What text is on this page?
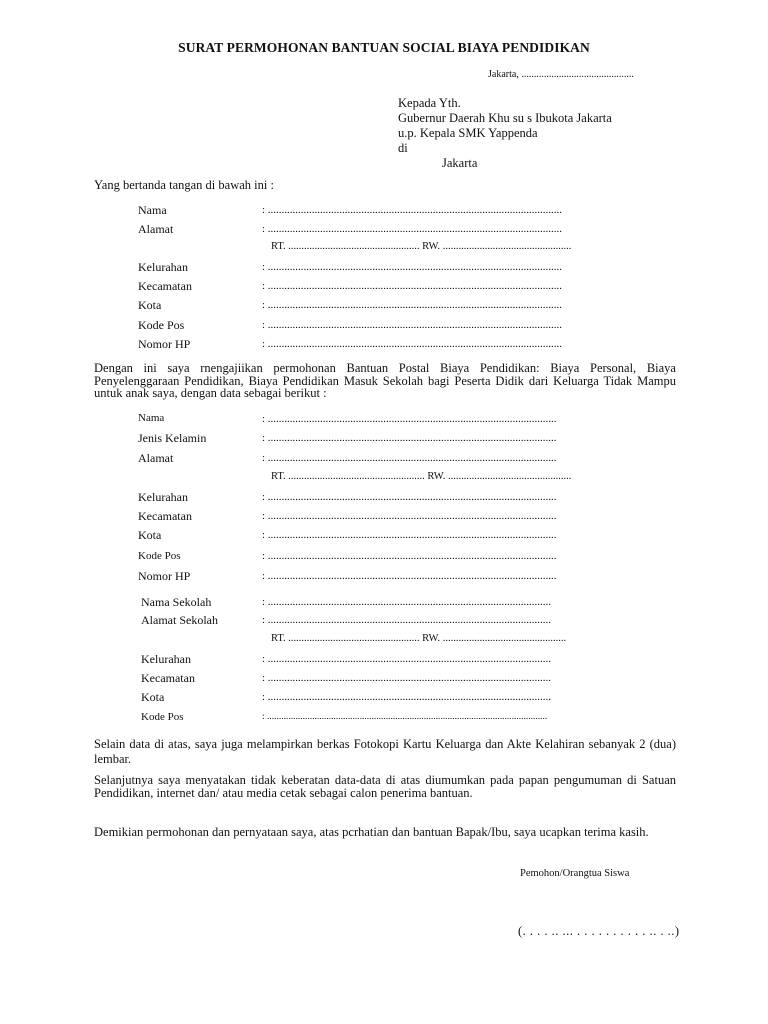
SURAT PERMOHONAN BANTUAN SOCIAL BIAYA PENDIDIKAN
Jakarta, .............................................
Kepada Yth.
Gubernur Daerah Khu su s Ibukota Jakarta
u.p. Kepala SMK Yappenda
di
Jakarta
Yang bertanda tangan di bawah ini :
Nama	: ...........................................................................................................
Alamat	: ...........................................................................................................
RT. .................................................. RW. .................................................
Kelurahan	: ...........................................................................................................
Kecamatan	: ...........................................................................................................
Kota	: ...........................................................................................................
Kode Pos	: ...........................................................................................................
Nomor HP	: ...........................................................................................................
Dengan ini saya rnengajiikan permohonan Bantuan Postal Biaya Pendidikan: Biaya Personal, Biaya Penyelenggaraan Pendidikan, Biaya Pendidikan Masuk Sekolah bagi Peserta Didik dari Keluarga Tidak Mampu untuk anak saya, dengan data sebagai berikut :
Nama	: .........................................................................................................
Jenis Kelamin	: .........................................................................................................
Alamat	: .........................................................................................................
RT. .................................................... RW. ...............................................
Kelurahan	: .........................................................................................................
Kecamatan	: .........................................................................................................
Kota	: .........................................................................................................
Kode Pos	: .........................................................................................................
Nomor HP	: .........................................................................................................
Nama Sekolah	: .......................................................................................................
Alamat Sekolah	: .......................................................................................................
RT. .................................................. RW. ...............................................
Kelurahan	: .......................................................................................................
Kecamatan	: .......................................................................................................
Kota	: .......................................................................................................
Kode Pos	: ......................................................................................................................
Selain data di atas, saya juga melampirkan berkas Fotokopi Kartu Keluarga dan Akte Kelahiran sebanyak 2 (dua) lembar.
Selanjutnya saya menyatakan tidak keberatan data-data di atas diumumkan pada papan pengumuman di Satuan Pendidikan, internet dan/ atau media cetak sebagai calon penerima bantuan.
Demikian permohonan dan pernyataan saya, atas pcrhatian dan bantuan Bapak/Ibu, saya ucapkan terima kasih.
Pemohon/Orangtua Siswa
(. . . . .. ... . . . . . . . . . . .. . ..)
